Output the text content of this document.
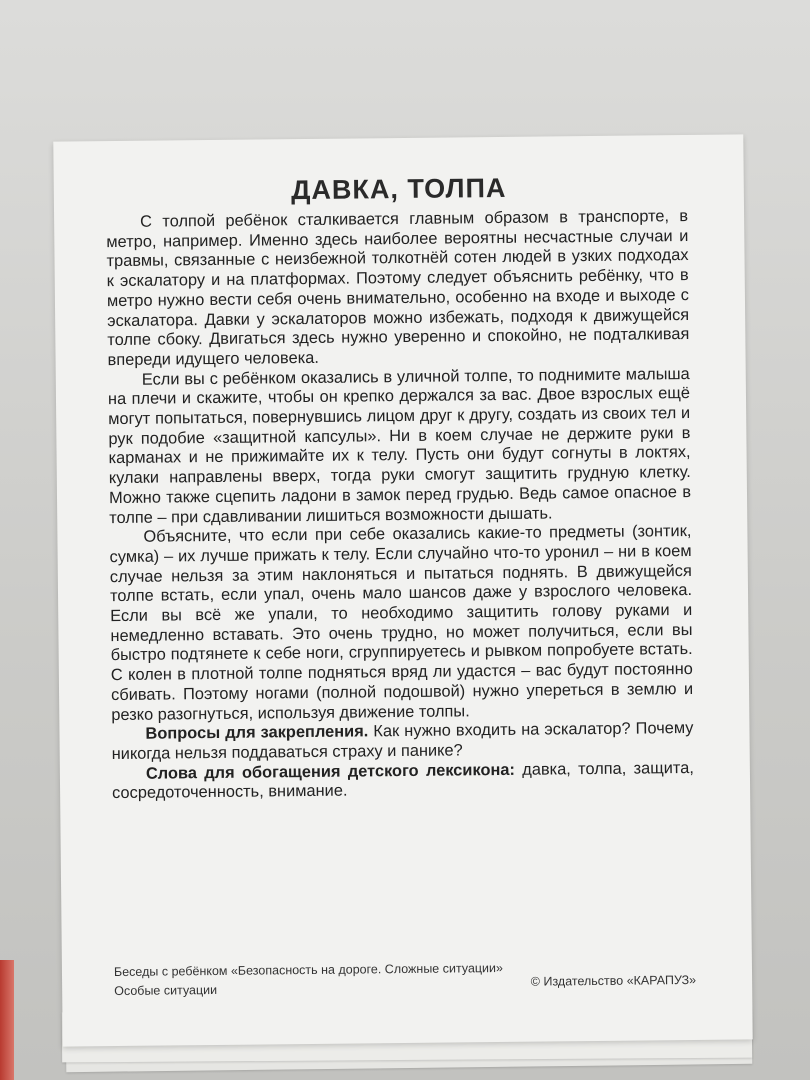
ДАВКА, ТОЛПА

С толпой ребёнок сталкивается главным образом в транспорте, в метро, например. Именно здесь наиболее вероятны несчастные случаи и травмы, связанные с неизбежной толкотнёй сотен людей в узких подходах к эскалатору и на платформах. Поэтому следует объяснить ребёнку, что в метро нужно вести себя очень внимательно, особенно на входе и выходе с эскалатора. Давки у эскалаторов можно избежать, подходя к движущейся толпе сбоку. Двигаться здесь нужно уверенно и спокойно, не подталкивая впереди идущего человека.

Если вы с ребёнком оказались в уличной толпе, то поднимите малыша на плечи и скажите, чтобы он крепко держался за вас. Двое взрослых ещё могут попытаться, повернувшись лицом друг к другу, создать из своих тел и рук подобие «защитной капсулы». Ни в коем случае не держите руки в карманах и не прижимайте их к телу. Пусть они будут согнуты в локтях, кулаки направлены вверх, тогда руки смогут защитить грудную клетку. Можно также сцепить ладони в замок перед грудью. Ведь самое опасное в толпе – при сдавливании лишиться возможности дышать.

Объясните, что если при себе оказались какие-то предметы (зонтик, сумка) – их лучше прижать к телу. Если случайно что-то уронил – ни в коем случае нельзя за этим наклоняться и пытаться поднять. В движущейся толпе встать, если упал, очень мало шансов даже у взрослого человека. Если вы всё же упали, то необходимо защитить голову руками и немедленно вставать. Это очень трудно, но может получиться, если вы быстро подтянете к себе ноги, сгруппируетесь и рывком попробуете встать. С колен в плотной толпе подняться вряд ли удастся – вас будут постоянно сбивать. Поэтому ногами (полной подошвой) нужно упереться в землю и резко разогнуться, используя движение толпы.

Вопросы для закрепления. Как нужно входить на эскалатор? Почему никогда нельзя поддаваться страху и панике?

Слова для обогащения детского лексикона: давка, толпа, защита, сосредоточенность, внимание.

Беседы с ребёнком «Безопасность на дороге. Сложные ситуации»
Особые ситуации
© Издательство «КАРАПУЗ»
